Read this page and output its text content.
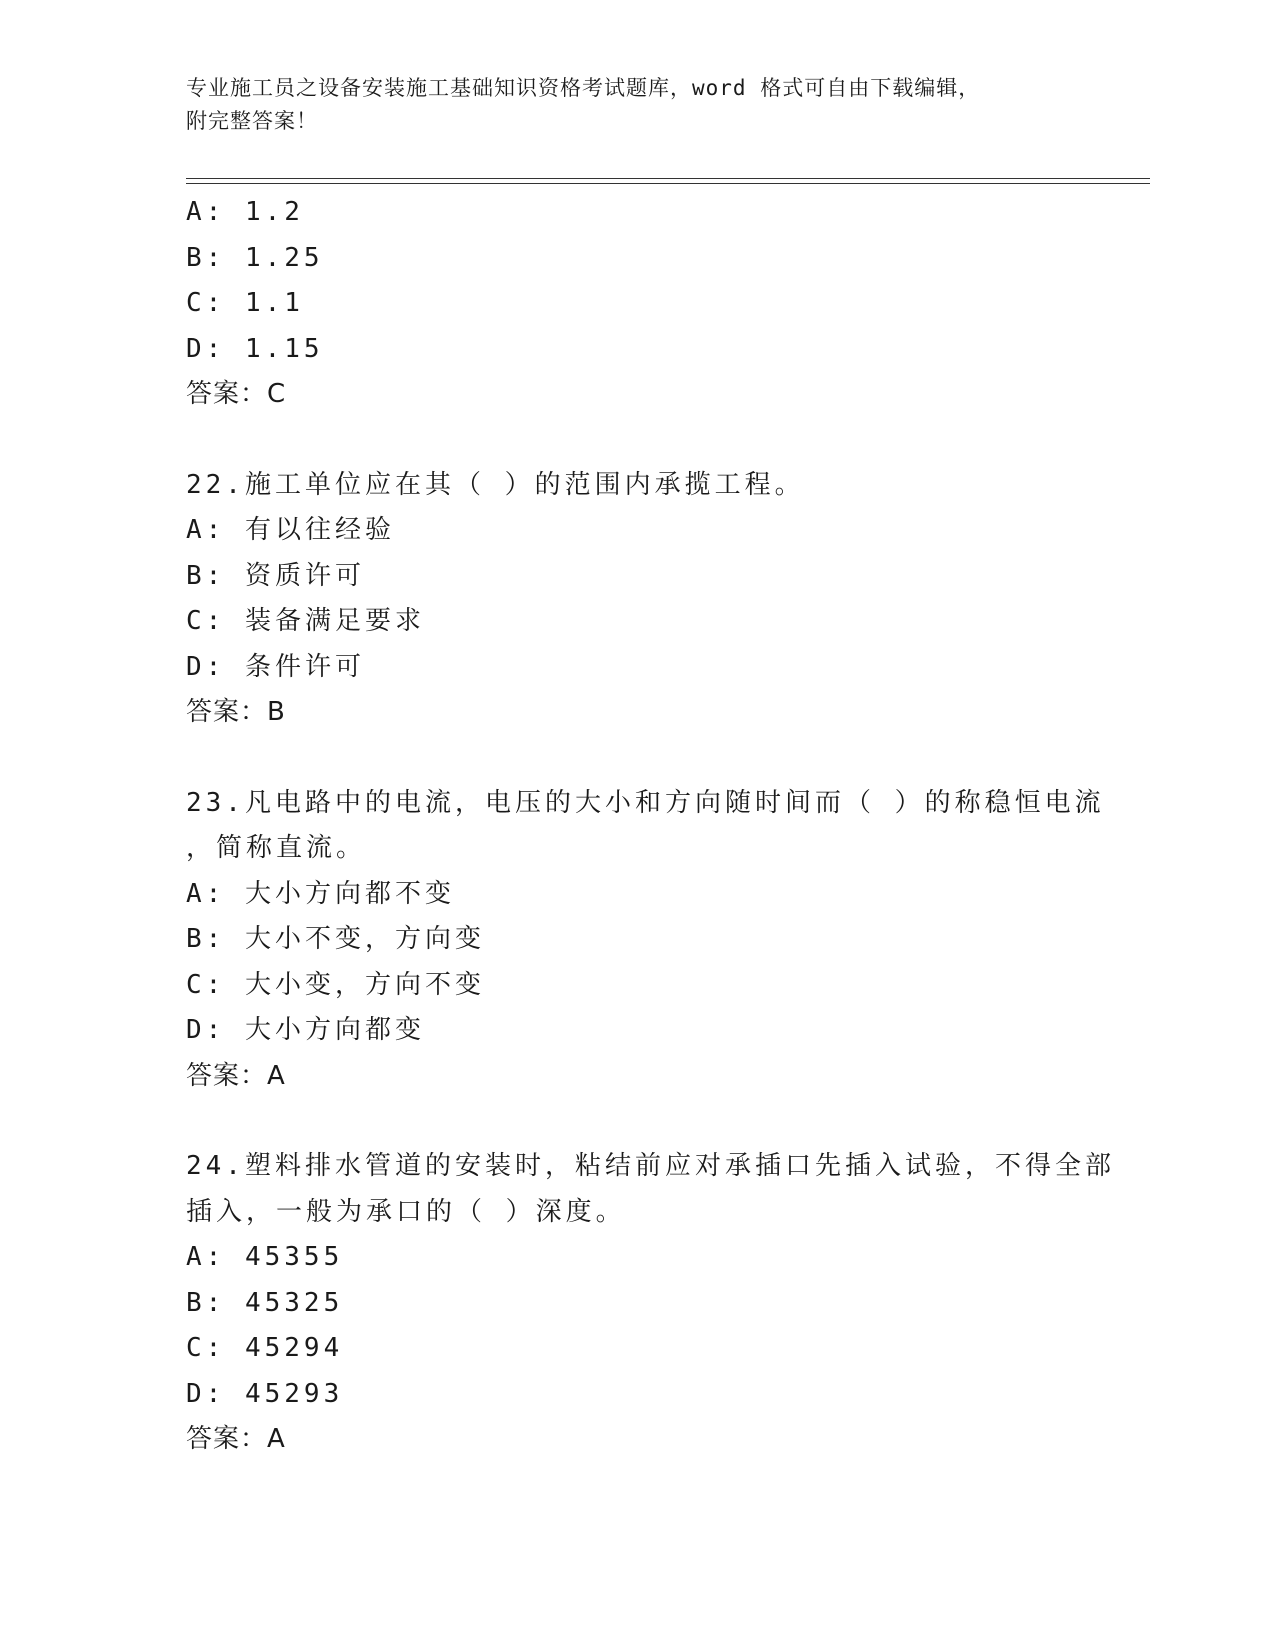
专业施工员之设备安装施工基础知识资格考试题库，word 格式可自由下载编辑，
附完整答案！
A: 1.2
B: 1.25
C: 1.1
D: 1.15
答案：C
22.施工单位应在其（ ）的范围内承揽工程。
A: 有以往经验
B: 资质许可
C: 装备满足要求
D: 条件许可
答案：B
23.凡电路中的电流，电压的大小和方向随时间而（ ）的称稳恒电流
，简称直流。
A: 大小方向都不变
B: 大小不变，方向变
C: 大小变，方向不变
D: 大小方向都变
答案：A
24.塑料排水管道的安装时，粘结前应对承插口先插入试验，不得全部
插入，一般为承口的（ ）深度。
A: 45355
B: 45325
C: 45294
D: 45293
答案：A
